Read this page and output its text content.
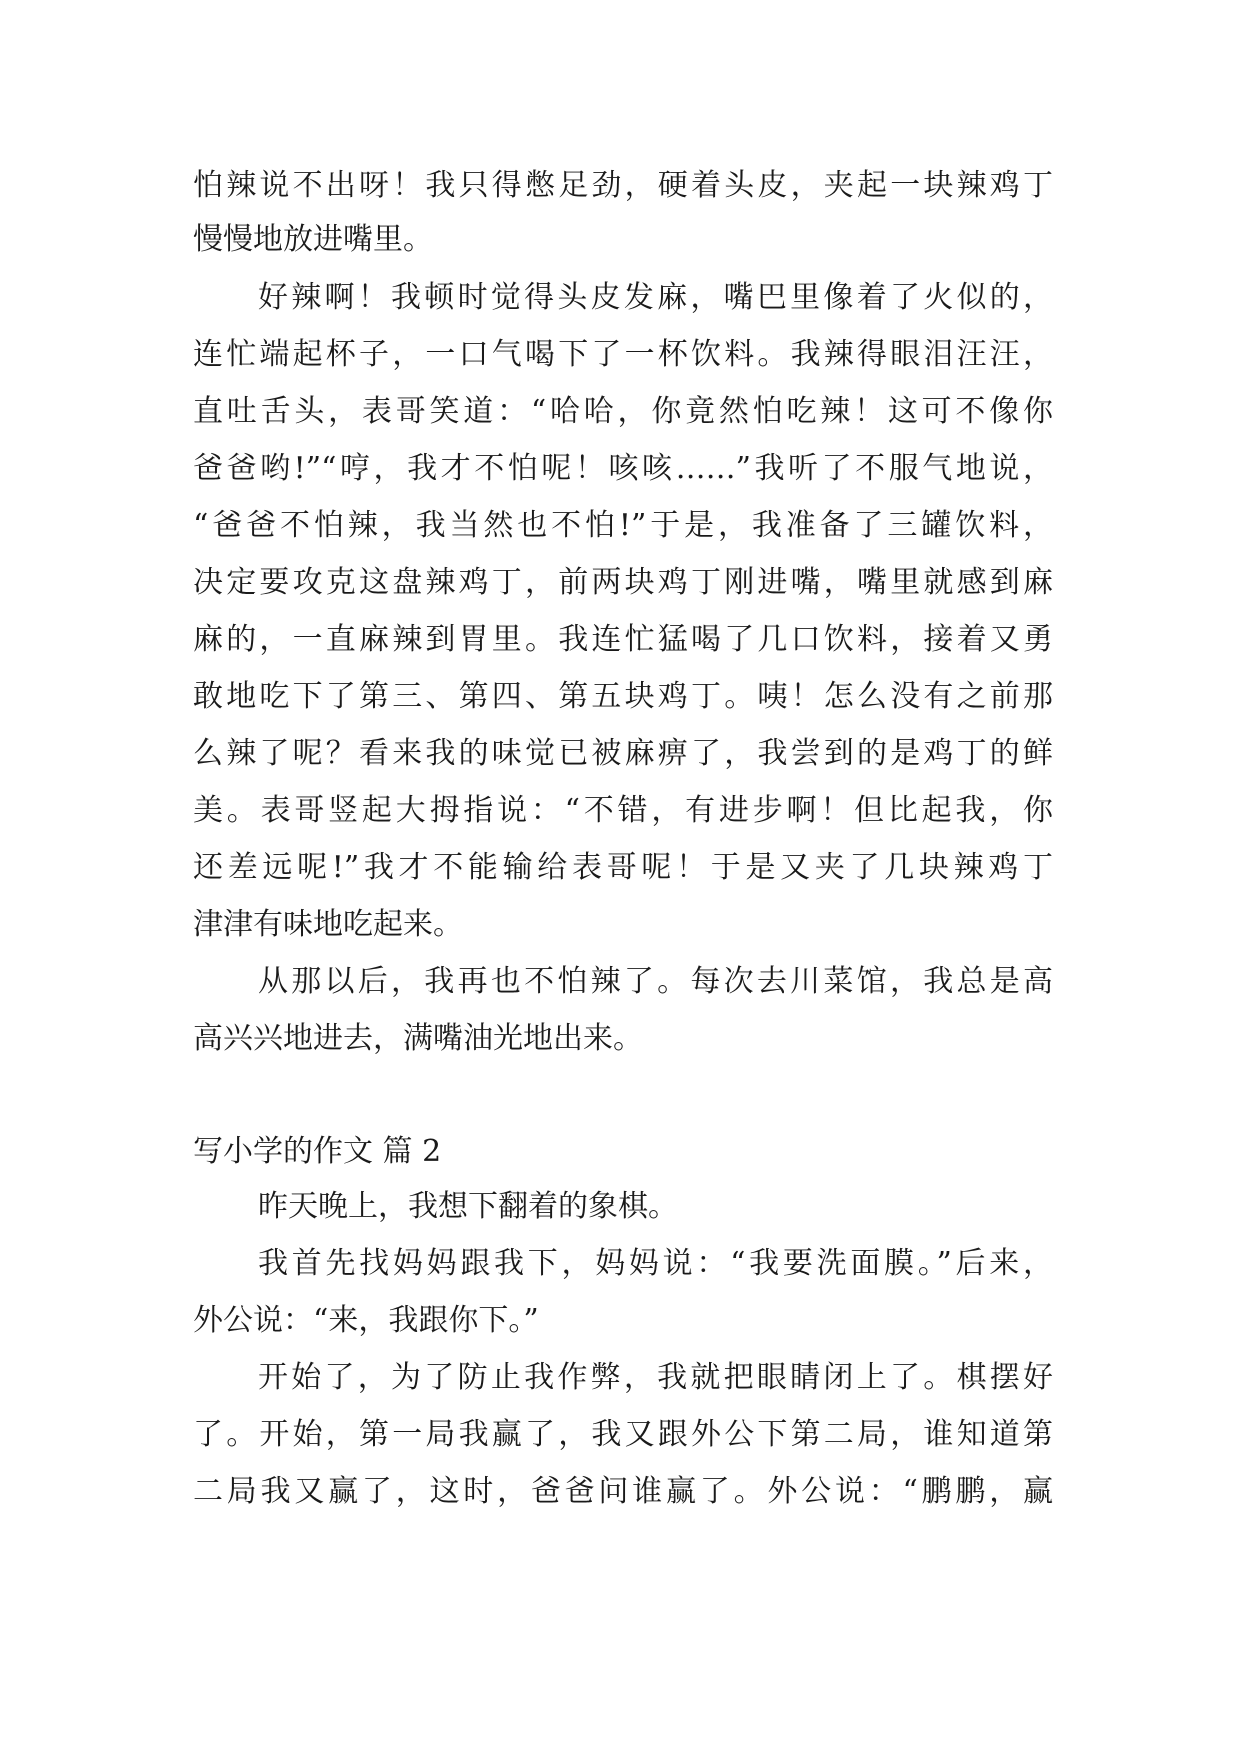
怕辣说不出呀！我只得憋足劲，硬着头皮，夹起一块辣鸡丁
慢慢地放进嘴里。
好辣啊！我顿时觉得头皮发麻，嘴巴里像着了火似的，
连忙端起杯子，一口气喝下了一杯饮料。我辣得眼泪汪汪，
直吐舌头，表哥笑道：“哈哈，你竟然怕吃辣！这可不像你
爸爸哟!”“哼，我才不怕呢！咳咳……”我听了不服气地说，
“爸爸不怕辣，我当然也不怕!”于是，我准备了三罐饮料，
决定要攻克这盘辣鸡丁，前两块鸡丁刚进嘴，嘴里就感到麻
麻的，一直麻辣到胃里。我连忙猛喝了几口饮料，接着又勇
敢地吃下了第三、第四、第五块鸡丁。咦！怎么没有之前那
么辣了呢？看来我的味觉已被麻痹了，我尝到的是鸡丁的鲜
美。表哥竖起大拇指说：“不错，有进步啊！但比起我，你
还差远呢!”我才不能输给表哥呢！于是又夹了几块辣鸡丁
津津有味地吃起来。
从那以后，我再也不怕辣了。每次去川菜馆，我总是高
高兴兴地进去，满嘴油光地出来。
写小学的作文 篇 2
昨天晚上，我想下翻着的象棋。
我首先找妈妈跟我下，妈妈说：“我要洗面膜。”后来，
外公说：“来，我跟你下。”
开始了，为了防止我作弊，我就把眼睛闭上了。棋摆好
了。开始，第一局我赢了，我又跟外公下第二局，谁知道第
二局我又赢了，这时，爸爸问谁赢了。外公说：“鹏鹏，赢
